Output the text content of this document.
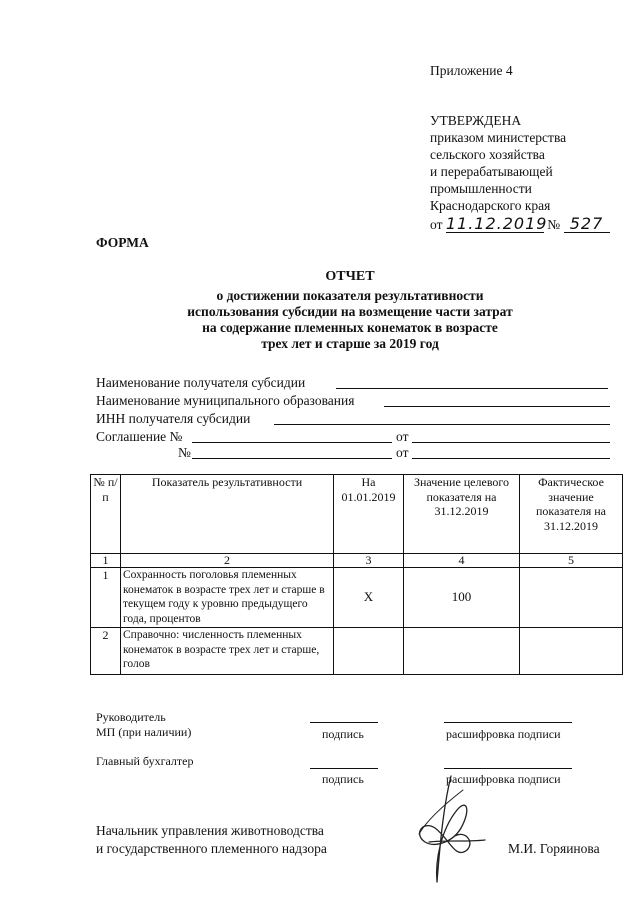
Приложение 4
УТВЕРЖДЕНА
приказом министерства
сельского хозяйства
и перерабатывающей
промышленности
Краснодарского края
от 11.12.2019 № 527
ФОРМА
ОТЧЕТ
о достижении показателя результативности
использования субсидии на возмещение части затрат
на содержание племенных конематок в возрасте
трех лет и старше за 2019 год
Наименование получателя субсидии
Наименование муниципального образования
ИНН получателя субсидии
Соглашение №	от
№	от
№ п/п	Показатель результативности	На 01.01.2019	Значение целевого показателя на 31.12.2019	Фактическое значение показателя на 31.12.2019
1	2	3	4	5
1	Сохранность поголовья племенных конематок в возрасте трех лет и старше в текущем году к уровню предыдущего года, процентов	Х	100	
2	Справочно: численность племенных конематок в возрасте трех лет и старше, голов			
Руководитель
МП (при наличии)	подпись	расшифровка подписи
Главный бухгалтер
подпись	расшифровка подписи
Начальник управления животноводства
и государственного племенного надзора	М.И. Горяинова
